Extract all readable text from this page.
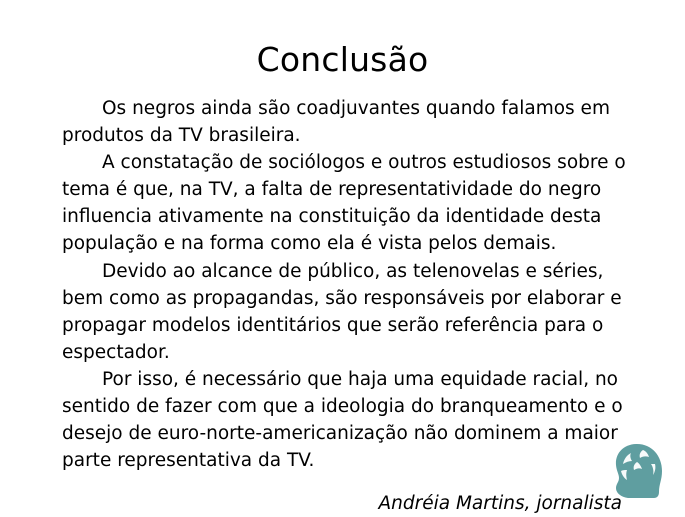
Conclusão

Os negros ainda são coadjuvantes quando falamos em produtos da TV brasileira.

A constatação de sociólogos e outros estudiosos sobre o tema é que, na TV, a falta de representatividade do negro influencia ativamente na constituição da identidade desta população e na forma como ela é vista pelos demais.

Devido ao alcance de público, as telenovelas e séries, bem como as propagandas, são responsáveis por elaborar e propagar modelos identitários que serão referência para o espectador.

Por isso, é necessário que haja uma equidade racial, no sentido de fazer com que a ideologia do branqueamento e o desejo de euro-norte-americanização não dominem a maior parte representativa da TV.

Andréia Martins, jornalista
